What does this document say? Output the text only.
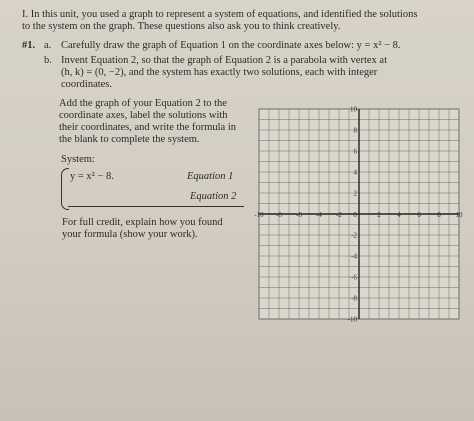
I. In this unit, you used a graph to represent a system of equations, and identified the solutions
to the system on the graph. These questions also ask you to think creatively.
#1. a. Carefully draw the graph of Equation 1 on the coordinate axes below: y = x² − 8.
b. Invent Equation 2, so that the graph of Equation 2 is a parabola with vertex at
(h, k) = (0, −2), and the system has exactly two solutions, each with integer
coordinates.
Add the graph of your Equation 2 to the
coordinate axes, label the solutions with
their coordinates, and write the formula in
the blank to complete the system.
System:
y = x² − 8.	Equation 1
Equation 2
For full credit, explain how you found
your formula (show your work).
-10 -8 -6 -4 -2	2 4 6 8 10
0
10
8
6
4
2
-2
-4
-6
-8
-10
